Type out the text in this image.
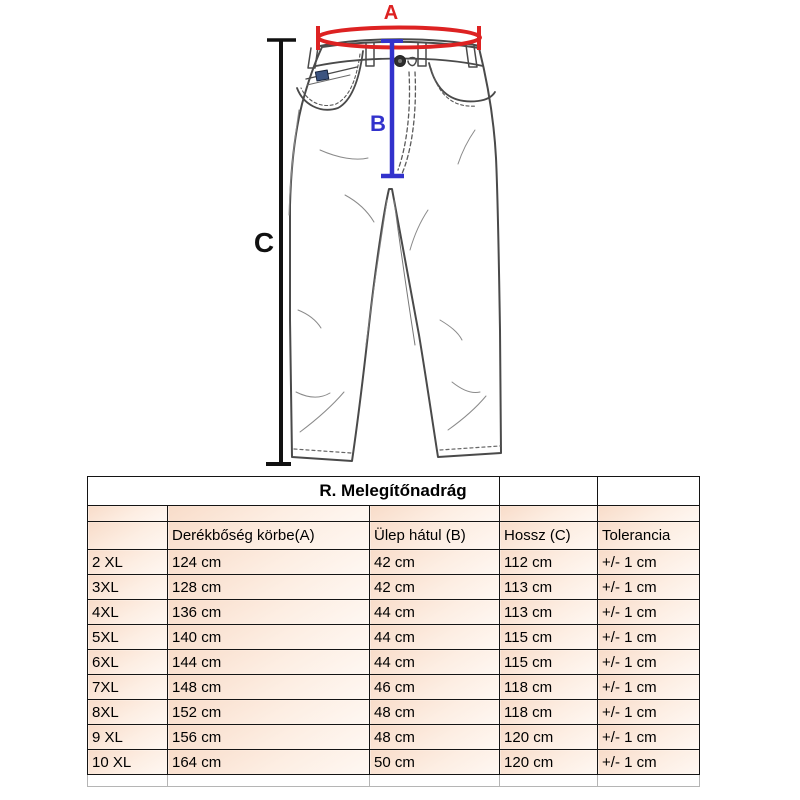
C
A
B
R. Melegítőnadrág				

	Derékbőség körbe(A)	Ülep hátul (B)	Hossz (C)	Tolerancia
2 XL	124 cm	42 cm	112 cm	+/- 1 cm
3XL	128 cm	42 cm	113 cm	+/- 1 cm
4XL	136 cm	44 cm	113 cm	+/- 1 cm
5XL	140 cm	44 cm	115 cm	+/- 1 cm
6XL	144 cm	44 cm	115 cm	+/- 1 cm
7XL	148 cm	46 cm	118 cm	+/- 1 cm
8XL	152 cm	48 cm	118 cm	+/- 1 cm
9 XL	156 cm	48 cm	120 cm	+/- 1 cm
10 XL	164 cm	50 cm	120 cm	+/- 1 cm
